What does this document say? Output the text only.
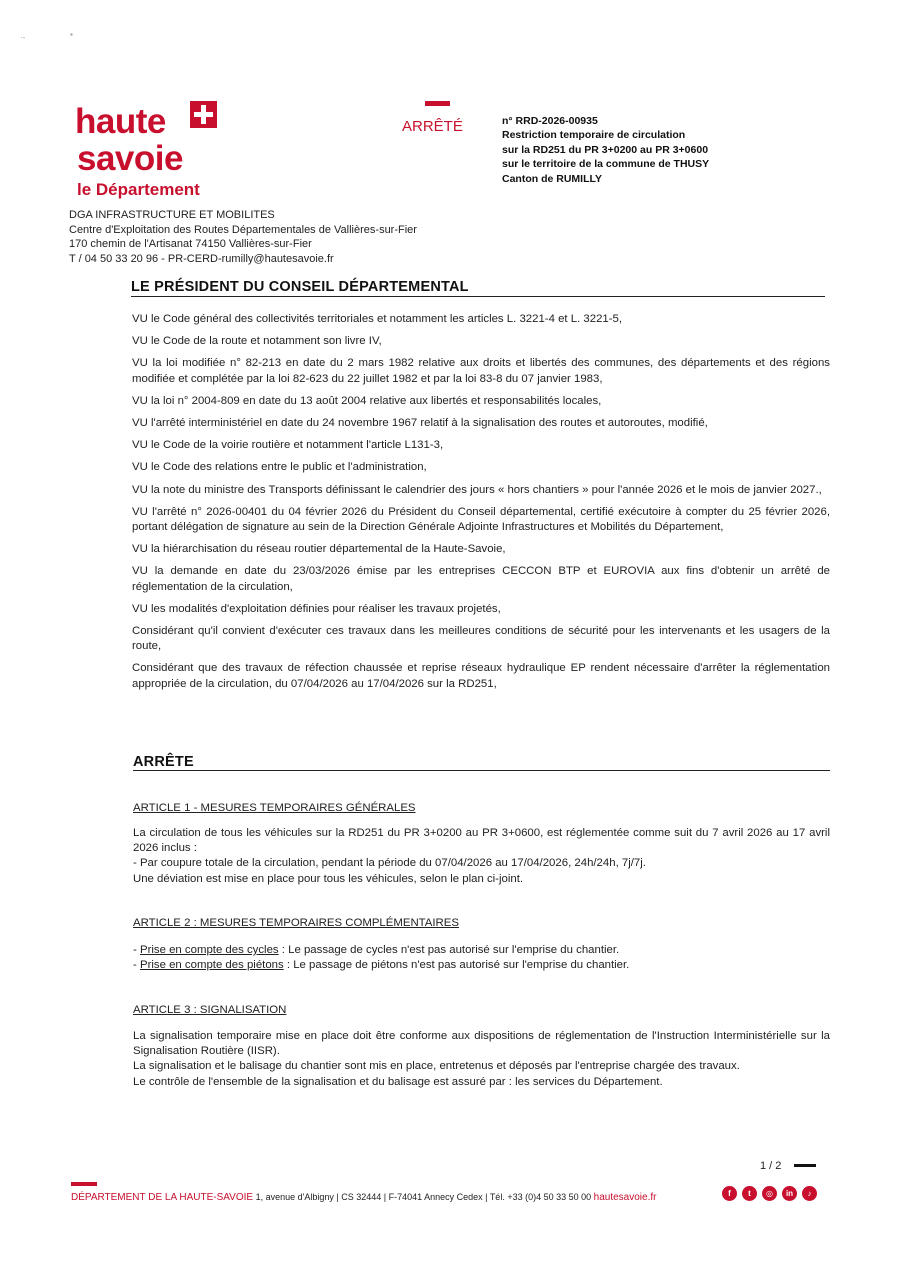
·‐	▪
haute
savoie
le Département
ARRÊTÉ	n° RRD-2026-00935
Restriction temporaire de circulation
sur la RD251 du PR 3+0200 au PR 3+0600
sur le territoire de la commune de THUSY
Canton de RUMILLY
DGA INFRASTRUCTURE ET MOBILITES
Centre d'Exploitation des Routes Départementales de Vallières-sur-Fier
170 chemin de l'Artisanat 74150 Vallières-sur-Fier
T / 04 50 33 20 96 - PR-CERD-rumilly@hautesavoie.fr
LE PRÉSIDENT DU CONSEIL DÉPARTEMENTAL

VU le Code général des collectivités territoriales et notamment les articles L. 3221-4 et L. 3221-5,

VU le Code de la route et notamment son livre IV,

VU la loi modifiée n° 82-213 en date du 2 mars 1982 relative aux droits et libertés des communes, des départements et des régions modifiée et complétée par la loi 82-623 du 22 juillet 1982 et par la loi 83-8 du 07 janvier 1983,

VU la loi n° 2004-809 en date du 13 août 2004 relative aux libertés et responsabilités locales,

VU l'arrêté interministériel en date du 24 novembre 1967 relatif à la signalisation des routes et autoroutes, modifié,

VU le Code de la voirie routière et notamment l'article L131-3,

VU le Code des relations entre le public et l'administration,

VU la note du ministre des Transports définissant le calendrier des jours « hors chantiers » pour l'année 2026 et le mois de janvier 2027.,

VU l'arrêté n° 2026-00401 du 04 février 2026 du Président du Conseil départemental, certifié exécutoire à compter du 25 février 2026, portant délégation de signature au sein de la Direction Générale Adjointe Infrastructures et Mobilités du Département,

VU la hiérarchisation du réseau routier départemental de la Haute-Savoie,

VU la demande en date du 23/03/2026 émise par les entreprises CECCON BTP et EUROVIA aux fins d'obtenir un arrêté de réglementation de la circulation,

VU les modalités d'exploitation définies pour réaliser les travaux projetés,

Considérant qu'il convient d'exécuter ces travaux dans les meilleures conditions de sécurité pour les intervenants et les usagers de la route,

Considérant que des travaux de réfection chaussée et reprise réseaux hydraulique EP rendent nécessaire d'arrêter la réglementation appropriée de la circulation, du 07/04/2026 au 17/04/2026 sur la RD251,

ARRÊTE
ARTICLE 1 - MESURES TEMPORAIRES GÉNÉRALES

La circulation de tous les véhicules sur la RD251 du PR 3+0200 au PR 3+0600, est réglementée comme suit du 7 avril 2026 au 17 avril 2026 inclus :

- Par coupure totale de la circulation, pendant la période du 07/04/2026 au 17/04/2026, 24h/24h, 7j/7j.

Une déviation est mise en place pour tous les véhicules, selon le plan ci-joint.

ARTICLE 2 : MESURES TEMPORAIRES COMPLÉMENTAIRES

- Prise en compte des cycles : Le passage de cycles n'est pas autorisé sur l'emprise du chantier.

- Prise en compte des piétons : Le passage de piétons n'est pas autorisé sur l'emprise du chantier.

ARTICLE 3 : SIGNALISATION

La signalisation temporaire mise en place doit être conforme aux dispositions de réglementation de l'Instruction Interministérielle sur la Signalisation Routière (IISR).

La signalisation et le balisage du chantier sont mis en place, entretenus et déposés par l'entreprise chargée des travaux.

Le contrôle de l'ensemble de la signalisation et du balisage est assuré par : les services du Département.

1 / 2
DÉPARTEMENT DE LA HAUTE-SAVOIE 1, avenue d'Albigny | CS 32444 | F-74041 Annecy Cedex | Tél. +33 (0)4 50 33 50 00 hautesavoie.fr	f	t	◎	in	♪
